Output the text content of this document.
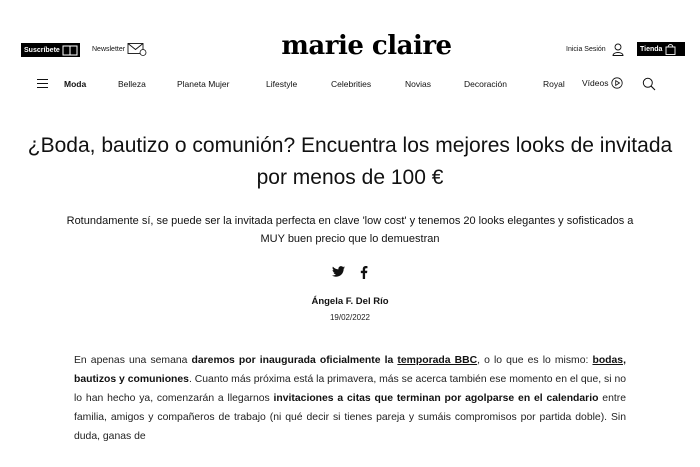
Suscríbete	Newsletter	marie claire	Inicia Sesión	Tienda
Moda	Belleza	Planeta Mujer	Lifestyle	Celebrities	Novias	Decoración	Royal Vídeos
¿Boda, bautizo o comunión? Encuentra los mejores looks de invitada por menos de 100 €

Rotundamente sí, se puede ser la invitada perfecta en clave 'low cost' y tenemos 20 looks elegantes y sofisticados a MUY buen precio que lo demuestran

Ángela F. Del Río
19/02/2022

En apenas una semana daremos por inaugurada oficialmente la temporada BBC, o lo que es lo mismo: bodas, bautizos y comuniones. Cuanto más próxima está la primavera, más se acerca también ese momento en el que, si no lo han hecho ya, comenzarán a llegarnos invitaciones a citas que terminan por agolparse en el calendario entre familia, amigos y compañeros de trabajo (ni qué decir si tienes pareja y sumáis compromisos por partida doble). Sin duda, ganas de
